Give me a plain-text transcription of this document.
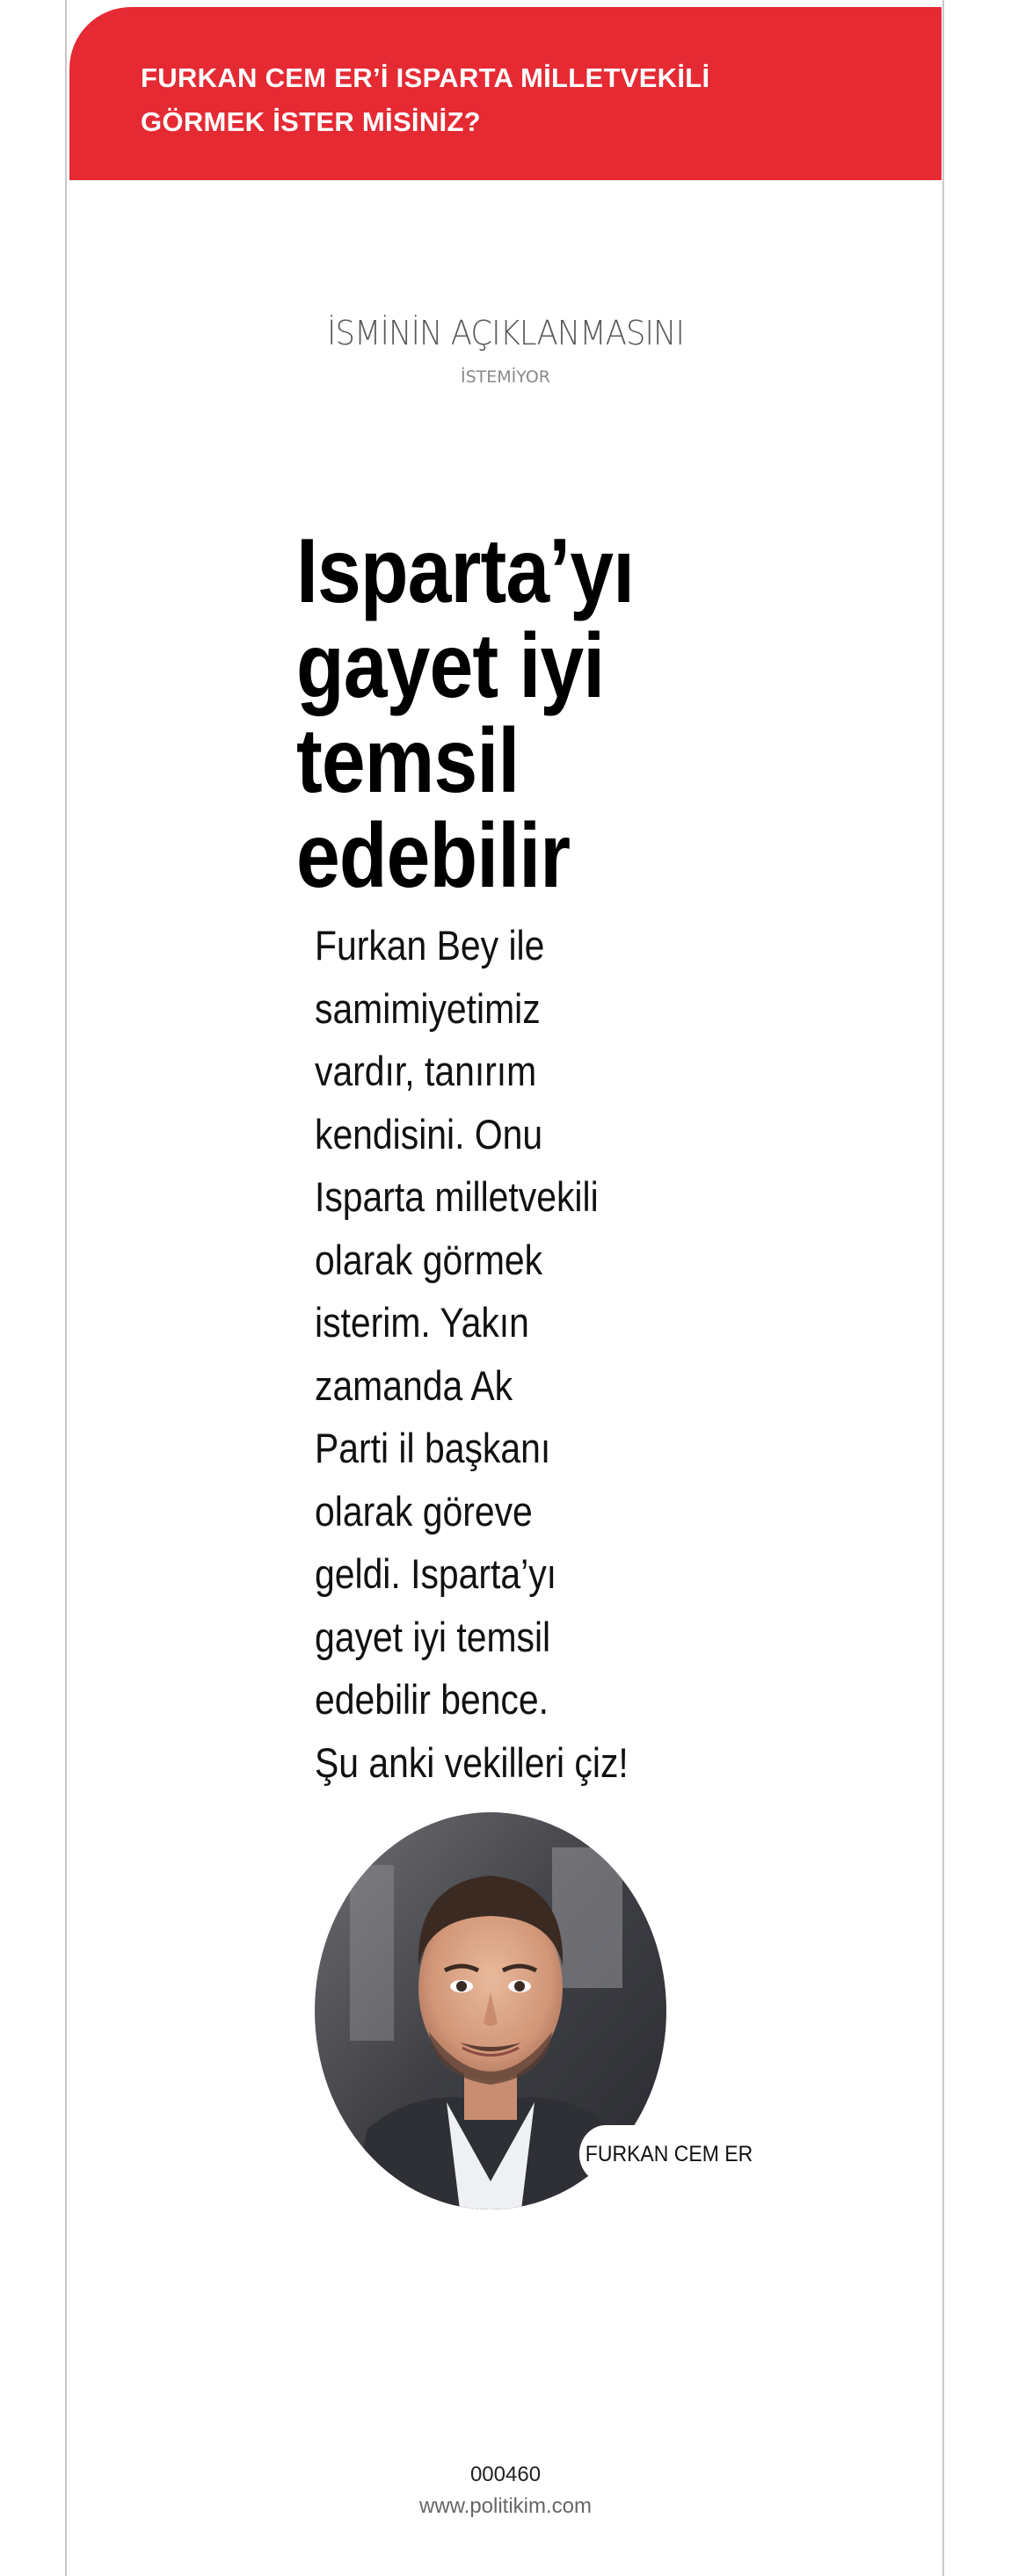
FURKAN CEM ER’İ ISPARTA MİLLETVEKİLİ
GÖRMEK İSTER MİSİNİZ?
İSMİNİN AÇIKLANMASINI
İSTEMİYOR
Isparta’yı
gayet iyi
temsil
edebilir
Furkan Bey ile
samimiyetimiz
vardır, tanırım
kendisini. Onu
Isparta milletvekili
olarak görmek
isterim. Yakın
zamanda Ak
Parti il başkanı
olarak göreve
geldi. Isparta’yı
gayet iyi temsil
edebilir bence.
Şu anki vekilleri çiz!
FURKAN CEM ER
000460
www.politikim.com
